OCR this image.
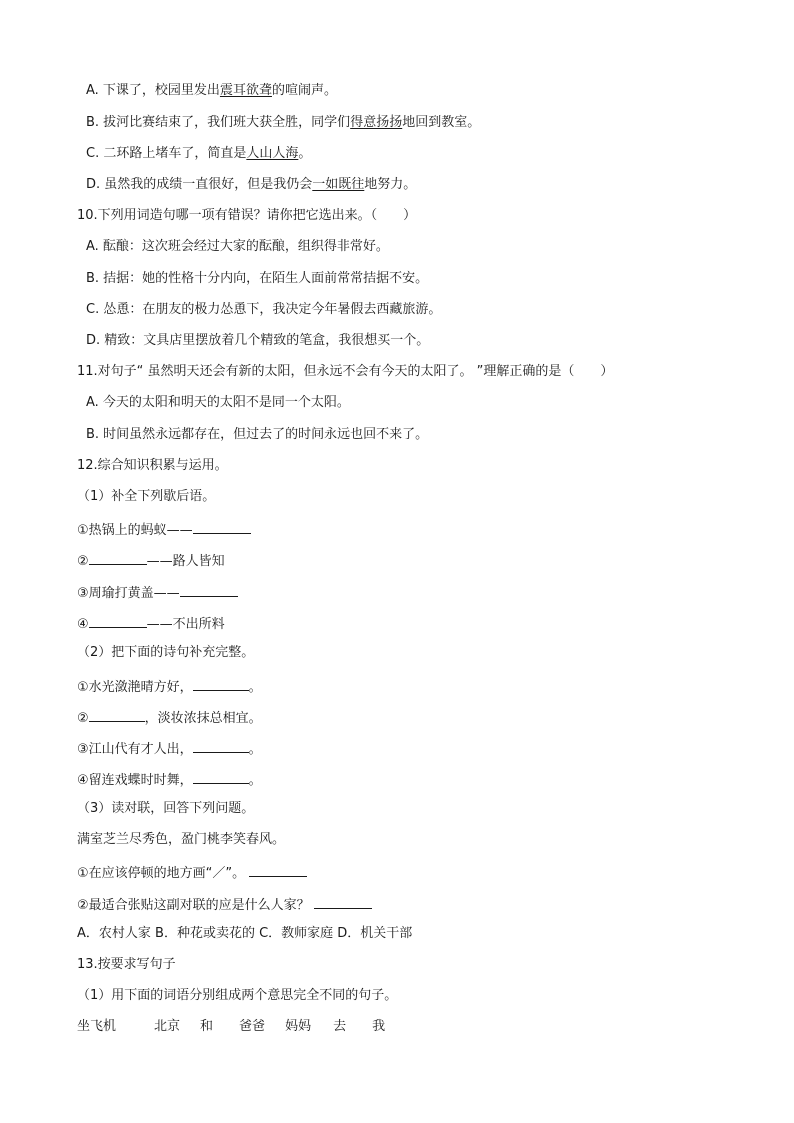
A. 下课了，校园里发出震耳欲聋的喧闹声。
B. 拔河比赛结束了，我们班大获全胜，同学们得意扬扬地回到教室。
C. 二环路上堵车了，简直是人山人海。
D. 虽然我的成绩一直很好，但是我仍会一如既往地努力。
10.下列用词造句哪一项有错误？请你把它选出来。（　　）
A. 酝酿：这次班会经过大家的酝酿，组织得非常好。
B. 拮据：她的性格十分内向，在陌生人面前常常拮据不安。
C. 怂恿：在朋友的极力怂恿下，我决定今年暑假去西藏旅游。
D. 精致：文具店里摆放着几个精致的笔盒，我很想买一个。
11.对句子“ 虽然明天还会有新的太阳，但永远不会有今天的太阳了。 ”理解正确的是（　　）
A. 今天的太阳和明天的太阳不是同一个太阳。
B. 时间虽然永远都存在，但过去了的时间永远也回不来了。
12.综合知识积累与运用。
（1）补全下列歇后语。
①热锅上的蚂蚁——
②	——路人皆知
③周瑜打黄盖——
④	——不出所料
（2）把下面的诗句补充完整。
①水光潋滟晴方好，	。
②	，淡妆浓抹总相宜。
③江山代有才人出，	。
④留连戏蝶时时舞，	。
（3）读对联，回答下列问题。
满室芝兰尽秀色，盈门桃李笑春风。
①在应该停顿的地方画“／”。
②最适合张贴这副对联的应是什么人家？
A．农村人家 B．种花或卖花的 C．教师家庭 D．机关干部
13.按要求写句子
（1）用下面的词语分别组成两个意思完全不同的句子。
坐飞机	北京 和 爸爸 妈妈 去 我
